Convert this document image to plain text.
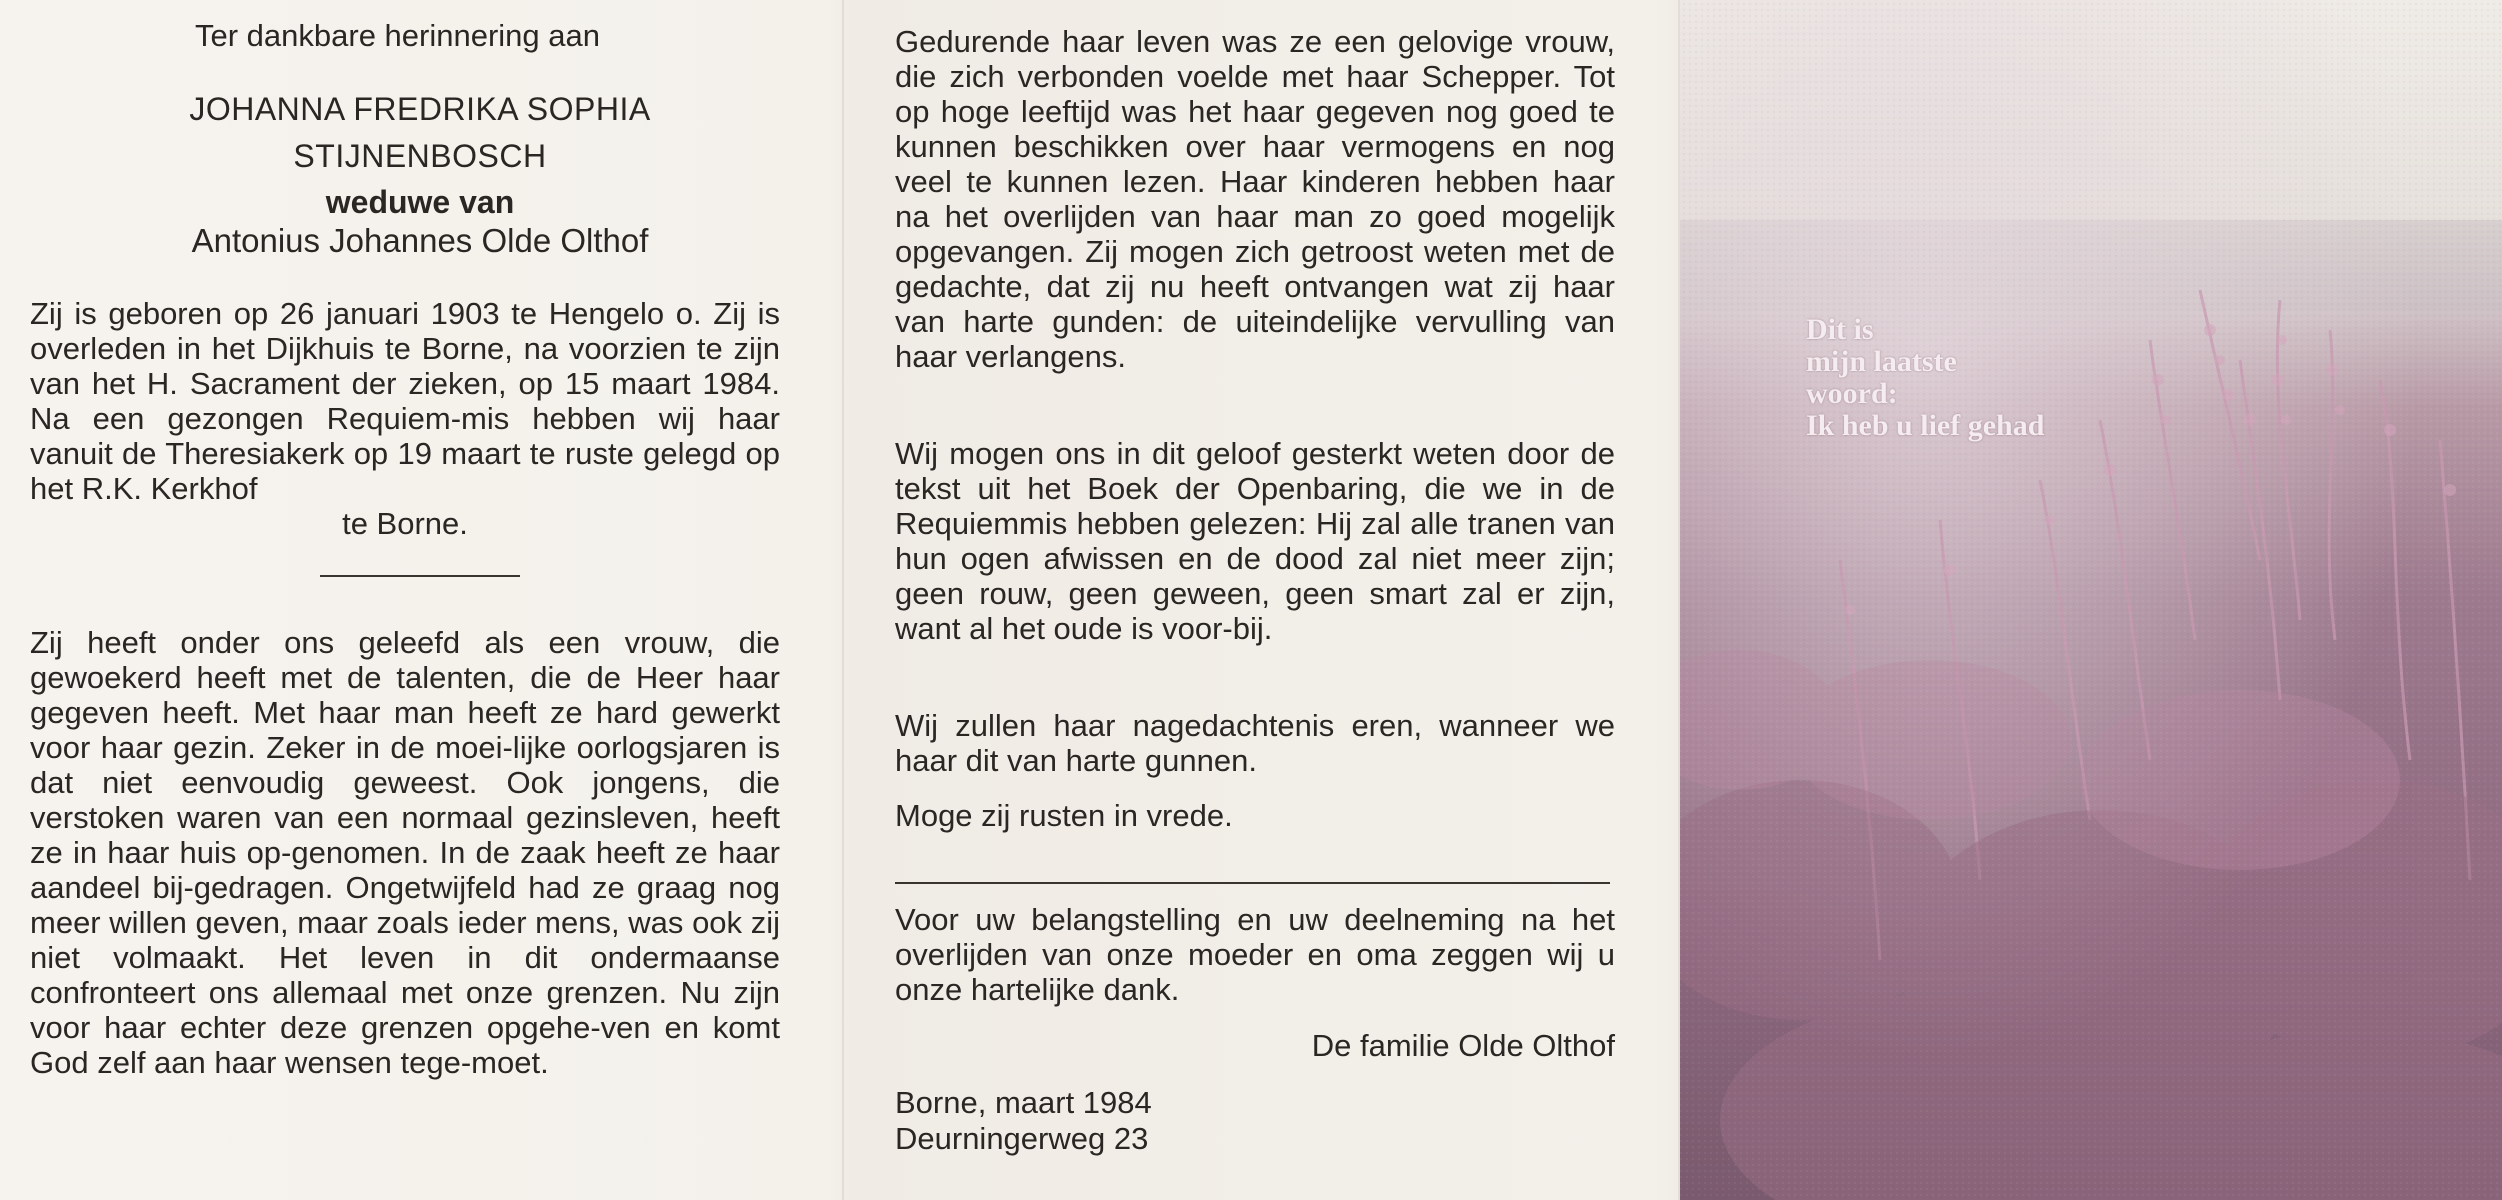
Ter dankbare herinnering aan
JOHANNA FREDRIKA SOPHIA
STIJNENBOSCH
weduwe van
Antonius Johannes Olde Olthof

Zij is geboren op 26 januari 1903 te Hengelo o. Zij is overleden in het Dijkhuis te Borne, na voorzien te zijn van het H. Sacrament der zieken, op 15 maart 1984. Na een gezongen Requiem-mis hebben wij haar vanuit de Theresiakerk op 19 maart te ruste gelegd op het R.K. Kerkhof

te Borne.

Zij heeft onder ons geleefd als een vrouw, die gewoekerd heeft met de talenten, die de Heer haar gegeven heeft. Met haar man heeft ze hard gewerkt voor haar gezin. Zeker in de moei-lijke oorlogsjaren is dat niet eenvoudig geweest. Ook jongens, die verstoken waren van een normaal gezinsleven, heeft ze in haar huis op-genomen. In de zaak heeft ze haar aandeel bij-gedragen. Ongetwijfeld had ze graag nog meer willen geven, maar zoals ieder mens, was ook zij niet volmaakt. Het leven in dit ondermaanse confronteert ons allemaal met onze grenzen. Nu zijn voor haar echter deze grenzen opgehe-ven en komt God zelf aan haar wensen tege-moet.

Gedurende haar leven was ze een gelovige vrouw, die zich verbonden voelde met haar Schepper. Tot op hoge leeftijd was het haar gegeven nog goed te kunnen beschikken over haar vermogens en nog veel te kunnen lezen. Haar kinderen hebben haar na het overlijden van haar man zo goed mogelijk opgevangen. Zij mogen zich getroost weten met de gedachte, dat zij nu heeft ontvangen wat zij haar van harte gunden: de uiteindelijke vervulling van haar verlangens.

Wij mogen ons in dit geloof gesterkt weten door de tekst uit het Boek der Openbaring, die we in de Requiemmis hebben gelezen: Hij zal alle tranen van hun ogen afwissen en de dood zal niet meer zijn; geen rouw, geen geween, geen smart zal er zijn, want al het oude is voor-bij.

Wij zullen haar nagedachtenis eren, wanneer we haar dit van harte gunnen.

Moge zij rusten in vrede.

Voor uw belangstelling en uw deelneming na het overlijden van onze moeder en oma zeggen wij u onze hartelijke dank.

De familie Olde Olthof
Borne, maart 1984
Deurningerweg 23
Dit is
mijn laatste
woord:
Ik heb u lief gehad
